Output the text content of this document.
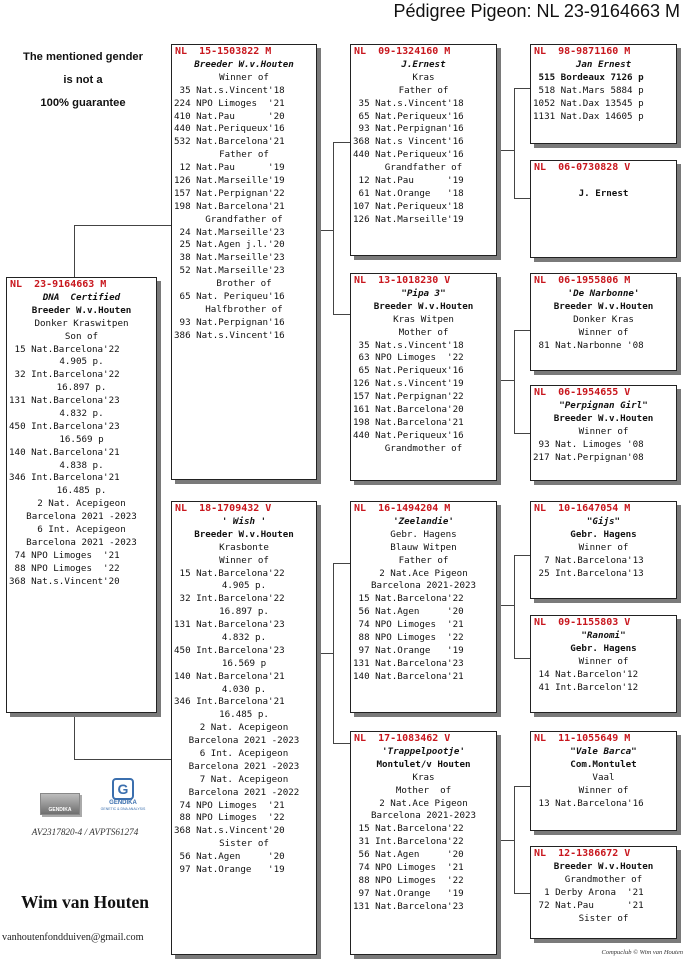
Pédigree Pigeon: NL 23-9164663 M
The mentioned gender
is not a
100% guarantee
NL  23-9164663 M
DNA  Certified
Breeder W.v.Houten
Donker Kraswitpen
Son of
15 Nat.Barcelona'22
4.905 p.
32 Int.Barcelona'22
16.897 p.
131 Nat.Barcelona'23
4.832 p.
450 Int.Barcelona'23
16.569 p
140 Nat.Barcelona'21
4.838 p.
346 Int.Barcelona'21
16.485 p.
2 Nat. Acepigeon
Barcelona 2021 -2023
6 Int. Acepigeon
Barcelona 2021 -2023
74 NPO Limoges  '21
88 NPO Limoges  '22
368 Nat.s.Vincent'20
NL  15-1503822 M
Breeder W.v.Houten
Winner of
35 Nat.s.Vincent'18
224 NPO Limoges  '21
410 Nat.Pau      '20
440 Nat.Periqueux'16
532 Nat.Barcelona'21
Father of
12 Nat.Pau      '19
126 Nat.Marseille'19
157 Nat.Perpignan'22
198 Nat.Barcelona'21
Grandfather of
24 Nat.Marseille'23
25 Nat.Agen j.l.'20
38 Nat.Marseille'23
52 Nat.Marseille'23
Brother of
65 Nat. Periqueu'16
Halfbrother of
93 Nat.Perpignan'16
386 Nat.s.Vincent'16
NL  18-1709432 V
' Wish '
Breeder W.v.Houten
Krasbonte
Winner of
15 Nat.Barcelona'22
4.905 p.
32 Int.Barcelona'22
16.897 p.
131 Nat.Barcelona'23
4.832 p.
450 Int.Barcelona'23
16.569 p
140 Nat.Barcelona'21
4.030 p.
346 Int.Barcelona'21
16.485 p.
2 Nat. Acepigeon
Barcelona 2021 -2023
6 Int. Acepigeon
Barcelona 2021 -2023
7 Nat. Acepigeon
Barcelona 2021 -2022
74 NPO Limoges  '21
88 NPO Limoges  '22
368 Nat.s.Vincent'20
Sister of
56 Nat.Agen     '20
97 Nat.Orange   '19
NL  09-1324160 M
J.Ernest
Kras
Father of
35 Nat.s.Vincent'18
65 Nat.Periqueux'16
93 Nat.Perpignan'16
368 Nat.s Vincent'16
440 Nat.Periqueux'16
Grandfather of
12 Nat.Pau      '19
61 Nat.Orange   '18
107 Nat.Periqueux'18
126 Nat.Marseille'19
NL  13-1018230 V
"Pipa 3"
Breeder W.v.Houten
Kras Witpen
Mother of
35 Nat.s.Vincent'18
63 NPO Limoges  '22
65 Nat.Periqueux'16
126 Nat.s.Vincent'19
157 Nat.Perpignan'22
161 Nat.Barcelona'20
198 Nat.Barcelona'21
440 Nat.Periqueux'16
Grandmother of
NL  16-1494204 M
'Zeelandie'
Gebr. Hagens
Blauw Witpen
Father of
2 Nat.Ace Pigeon
Barcelona 2021-2023
15 Nat.Barcelona'22
56 Nat.Agen     '20
74 NPO Limoges  '21
88 NPO Limoges  '22
97 Nat.Orange   '19
131 Nat.Barcelona'23
140 Nat.Barcelona'21
NL  17-1083462 V
'Trappelpootje'
Montulet/v Houten
Kras
Mother  of
2 Nat.Ace Pigeon
Barcelona 2021-2023
15 Nat.Barcelona'22
31 Int.Barcelona'22
56 Nat.Agen     '20
74 NPO Limoges  '21
88 NPO Limoges  '22
97 Nat.Orange   '19
131 Nat.Barcelona'23
NL  98-9871160 M
Jan Ernest
515 Bordeaux 7126 p
518 Nat.Mars 5884 p
1052 Nat.Dax 13545 p
1131 Nat.Dax 14605 p
NL  06-0730828 V
J. Ernest
NL  06-1955806 M
'De Narbonne'
Breeder W.v.Houten
Donker Kras
Winner of
81 Nat.Narbonne '08
NL  06-1954655 V
"Perpignan Girl"
Breeder W.v.Houten
Winner of
93 Nat. Limoges '08
217 Nat.Perpignan'08
NL  10-1647054 M
"Gijs"
Gebr. Hagens
Winner of
7 Nat.Barcelona'13
25 Int.Barcelona'13
NL  09-1155803 V
"Ranomi"
Gebr. Hagens
Winner of
14 Nat.Barcelon'12
41 Int.Barcelon'12
NL  11-1055649 M
"Vale Barca"
Com.Montulet
Vaal
Winner of
13 Nat.Barcelona'16
NL  12-1386672 V
Breeder W.v.Houten
Grandmother of
1 Derby Arona  '21
72 Nat.Pau      '21
Sister of
GENDIKA
G
GENDIKA
GENETIC & DNA ANALYSIS
AV2317820-4 / AVPTS61274
Wim van Houten
vanhoutenfondduiven@gmail.com
Compuclub © Wim van Houten
